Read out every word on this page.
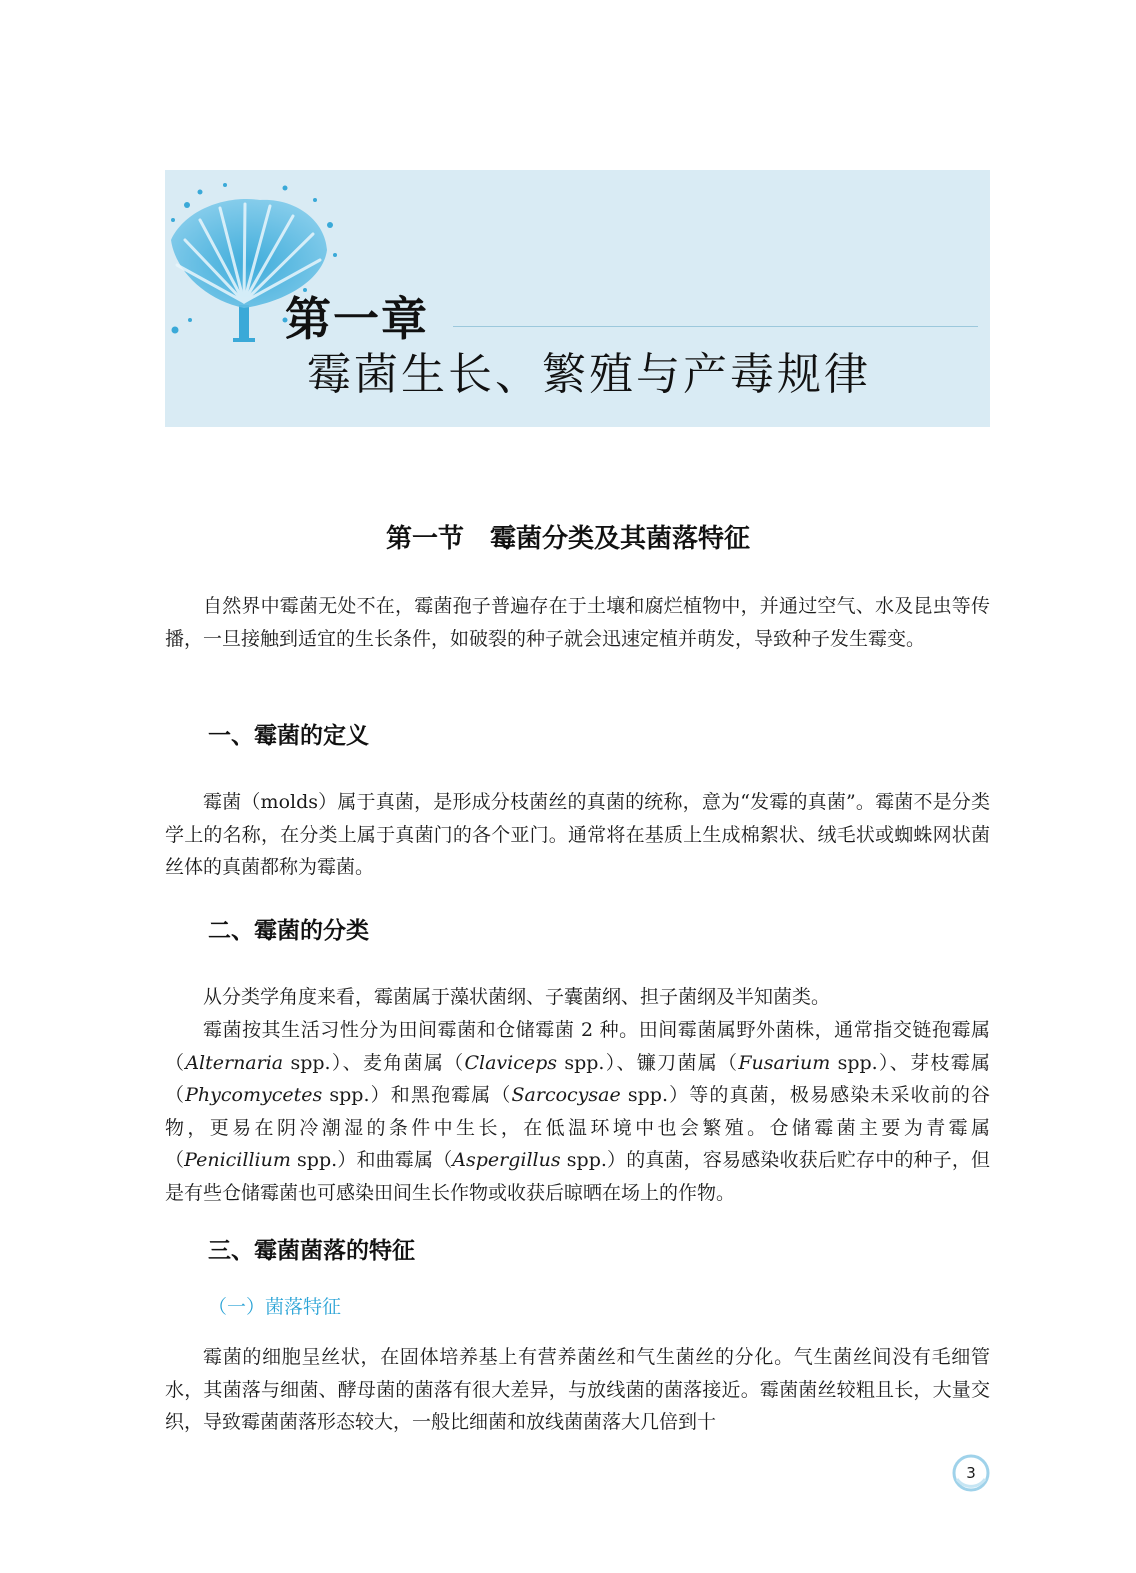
第一章
霉菌生长、繁殖与产毒规律
第一节　霉菌分类及其菌落特征

自然界中霉菌无处不在，霉菌孢子普遍存在于土壤和腐烂植物中，并通过空气、水及昆虫等传播，一旦接触到适宜的生长条件，如破裂的种子就会迅速定植并萌发，导致种子发生霉变。

一、霉菌的定义

霉菌（molds）属于真菌，是形成分枝菌丝的真菌的统称，意为“发霉的真菌”。霉菌不是分类学上的名称，在分类上属于真菌门的各个亚门。通常将在基质上生成棉絮状、绒毛状或蜘蛛网状菌丝体的真菌都称为霉菌。

二、霉菌的分类

从分类学角度来看，霉菌属于藻状菌纲、子囊菌纲、担子菌纲及半知菌类。

霉菌按其生活习性分为田间霉菌和仓储霉菌 2 种。田间霉菌属野外菌株，通常指交链孢霉属（Alternaria spp.）、麦角菌属（Claviceps spp.）、镰刀菌属（Fusarium spp.）、芽枝霉属（Phycomycetes spp.）和黑孢霉属（Sarcocysae spp.）等的真菌，极易感染未采收前的谷物，更易在阴冷潮湿的条件中生长，在低温环境中也会繁殖。仓储霉菌主要为青霉属（Penicillium spp.）和曲霉属（Aspergillus spp.）的真菌，容易感染收获后贮存中的种子，但是有些仓储霉菌也可感染田间生长作物或收获后晾晒在场上的作物。

三、霉菌菌落的特征
（一）菌落特征

霉菌的细胞呈丝状，在固体培养基上有营养菌丝和气生菌丝的分化。气生菌丝间没有毛细管水，其菌落与细菌、酵母菌的菌落有很大差异，与放线菌的菌落接近。霉菌菌丝较粗且长，大量交织，导致霉菌菌落形态较大，一般比细菌和放线菌菌落大几倍到十

3
